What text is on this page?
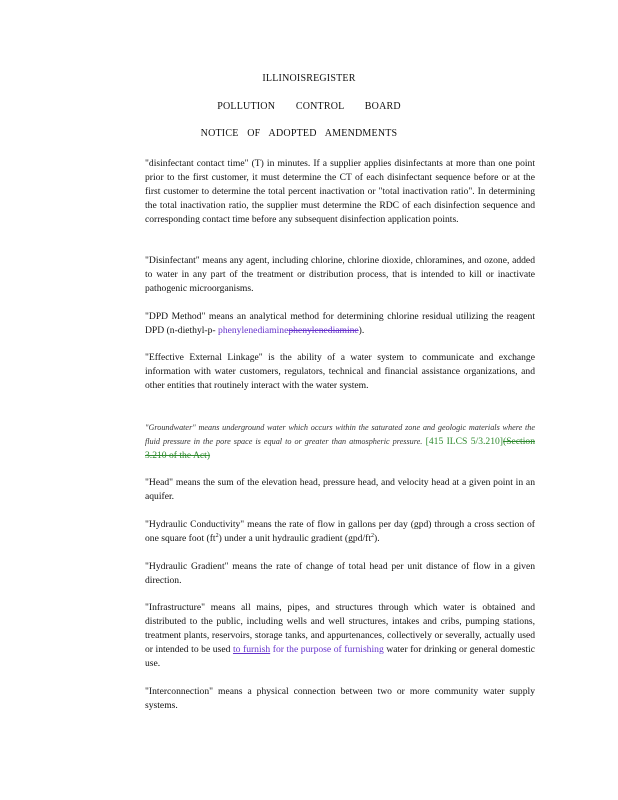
ILLINOISREGISTER
POLLUTION CONTROL BOARD
NOTICE OF ADOPTED AMENDMENTS

"disinfectant contact time" (T) in minutes. If a supplier applies disinfectants at more than one point prior to the first customer, it must determine the CT of each disinfectant sequence before or at the first customer to determine the total percent inactivation or "total inactivation ratio". In determining the total inactivation ratio, the supplier must determine the RDC of each disinfection sequence and corresponding contact time before any subsequent disinfection application points.

"Disinfectant" means any agent, including chlorine, chlorine dioxide, chloramines, and ozone, added to water in any part of the treatment or distribution process, that is intended to kill or inactivate pathogenic microorganisms.

"DPD Method" means an analytical method for determining chlorine residual utilizing the reagent DPD (n-diethyl-p- phenylenediaminephenylenediamine).

"Effective External Linkage" is the ability of a water system to communicate and exchange information with water customers, regulators, technical and financial assistance organizations, and other entities that routinely interact with the water system.

"Groundwater" means underground water which occurs within the saturated zone and geologic materials where the fluid pressure in the pore space is equal to or greater than atmospheric pressure. [415 ILCS 5/3.210](Section 3.210 of the Act)

"Head" means the sum of the elevation head, pressure head, and velocity head at a given point in an aquifer.

"Hydraulic Conductivity" means the rate of flow in gallons per day (gpd) through a cross section of one square foot $(ft^2)$ under a unit hydraulic gradient $(gpd/ft^2)$.

"Hydraulic Gradient" means the rate of change of total head per unit distance of flow in a given direction.

"Infrastructure" means all mains, pipes, and structures through which water is obtained and distributed to the public, including wells and well structures, intakes and cribs, pumping stations, treatment plants, reservoirs, storage tanks, and appurtenances, collectively or severally, actually used or intended to be used to furnish for the purpose of furnishing water for drinking or general domestic use.

"Interconnection" means a physical connection between two or more community water supply systems.
